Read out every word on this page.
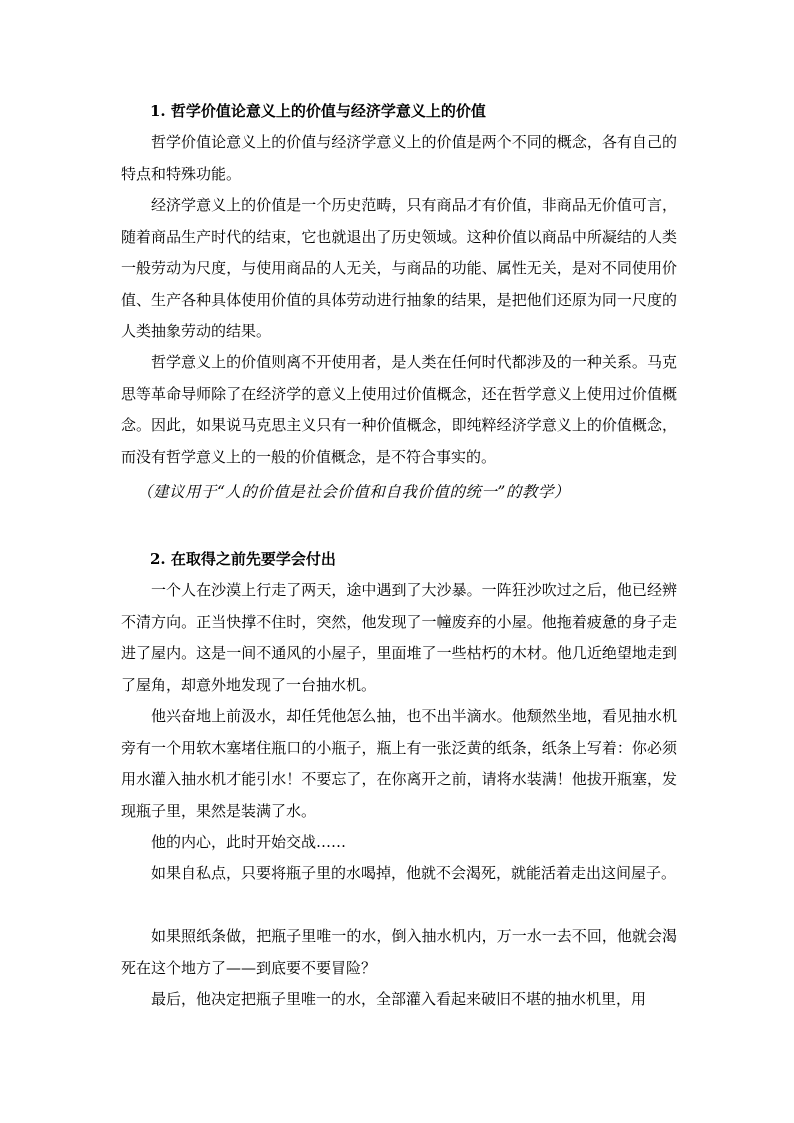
1. 哲学价值论意义上的价值与经济学意义上的价值

哲学价值论意义上的价值与经济学意义上的价值是两个不同的概念，各有自己的特点和特殊功能。

经济学意义上的价值是一个历史范畴，只有商品才有价值，非商品无价值可言，随着商品生产时代的结束，它也就退出了历史领域。这种价值以商品中所凝结的人类一般劳动为尺度，与使用商品的人无关，与商品的功能、属性无关，是对不同使用价值、生产各种具体使用价值的具体劳动进行抽象的结果，是把他们还原为同一尺度的人类抽象劳动的结果。

哲学意义上的价值则离不开使用者，是人类在任何时代都涉及的一种关系。马克思等革命导师除了在经济学的意义上使用过价值概念，还在哲学意义上使用过价值概念。因此，如果说马克思主义只有一种价值概念，即纯粹经济学意义上的价值概念，而没有哲学意义上的一般的价值概念，是不符合事实的。

（建议用于“人的价值是社会价值和自我价值的统一”的教学）
2. 在取得之前先要学会付出

一个人在沙漠上行走了两天，途中遇到了大沙暴。一阵狂沙吹过之后，他已经辨不清方向。正当快撑不住时，突然，他发现了一幢废弃的小屋。他拖着疲惫的身子走进了屋内。这是一间不通风的小屋子，里面堆了一些枯朽的木材。他几近绝望地走到了屋角，却意外地发现了一台抽水机。

他兴奋地上前汲水，却任凭他怎么抽，也不出半滴水。他颓然坐地，看见抽水机旁有一个用软木塞堵住瓶口的小瓶子，瓶上有一张泛黄的纸条，纸条上写着：你必须用水灌入抽水机才能引水！不要忘了，在你离开之前，请将水装满！他拔开瓶塞，发现瓶子里，果然是装满了水。

他的内心，此时开始交战……

如果自私点，只要将瓶子里的水喝掉，他就不会渴死，就能活着走出这间屋子。

如果照纸条做，把瓶子里唯一的水，倒入抽水机内，万一水一去不回，他就会渴死在这个地方了——到底要不要冒险？

最后，他决定把瓶子里唯一的水，全部灌入看起来破旧不堪的抽水机里，用
